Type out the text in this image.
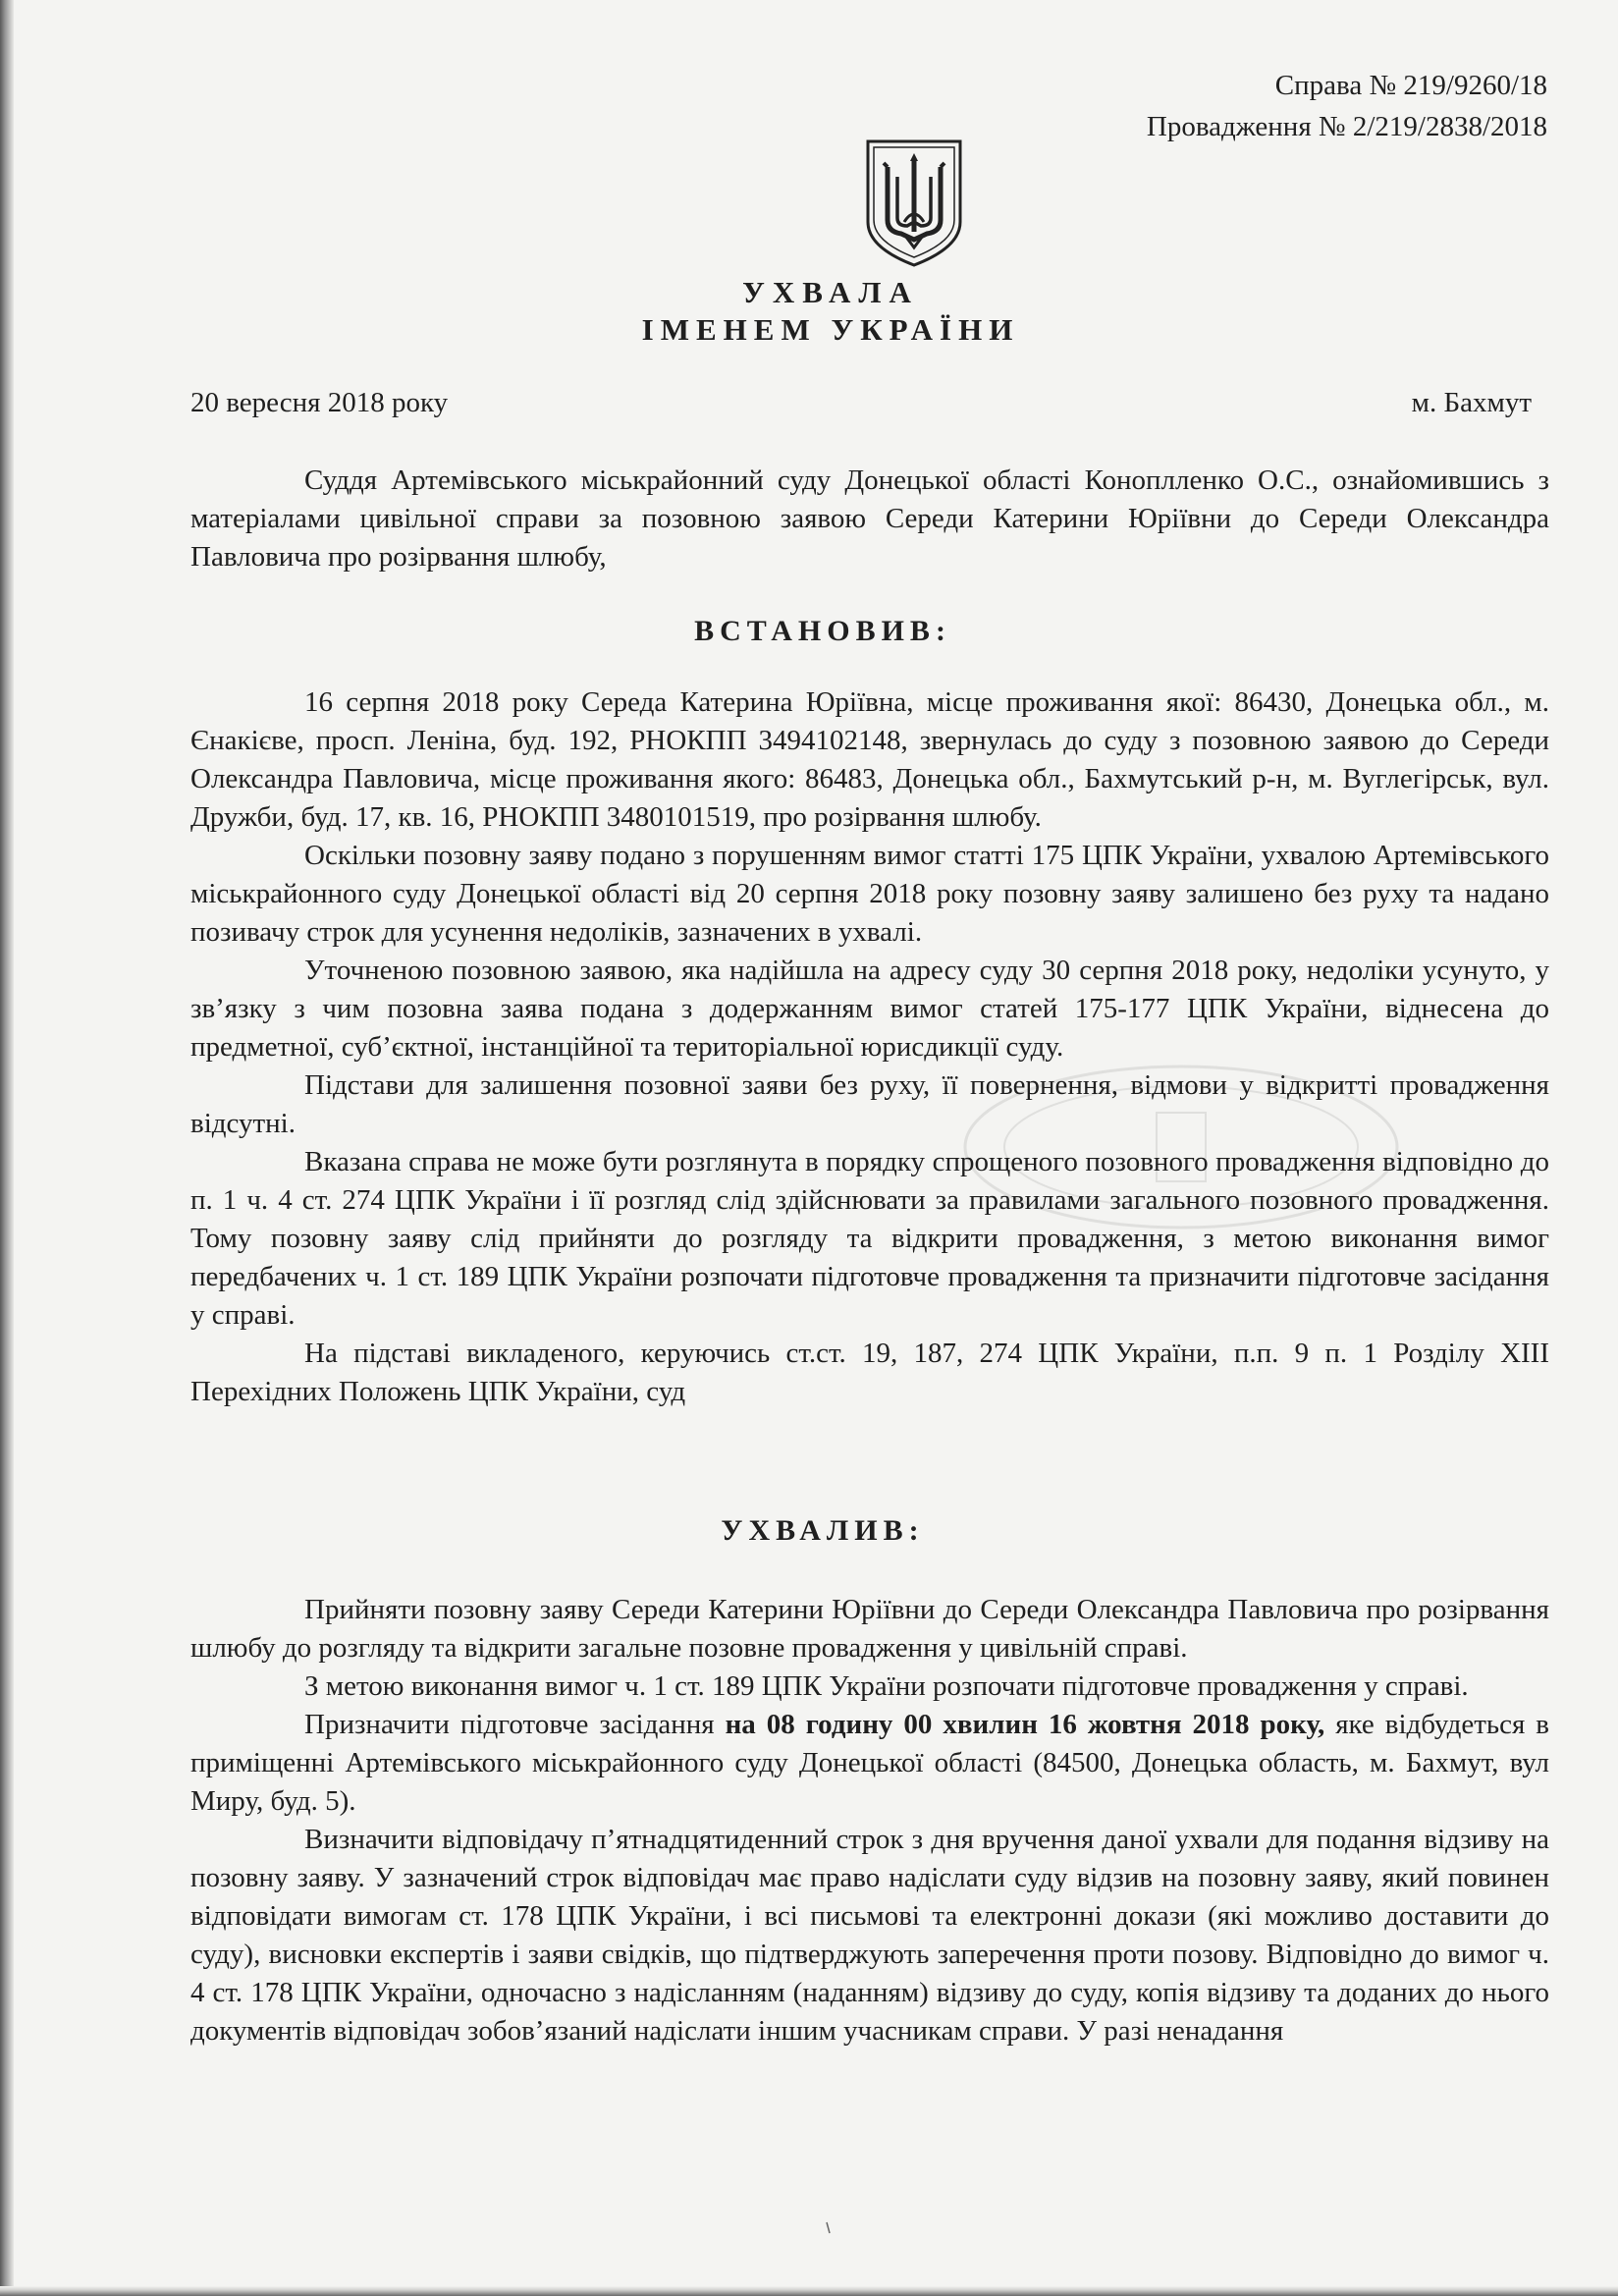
Справа № 219/9260/18
Провадження № 2/219/2838/2018
УХВАЛА
ІМЕНЕМ УКРАЇНИ
20 вересня 2018 року	м. Бахмут

Суддя Артемівського міськрайонний суду Донецької області Коноплленко О.С., ознайомившись з матеріалами цивільної справи за позовною заявою Середи Катерини Юріївни до Середи Олександра Павловича про розірвання шлюбу,

ВСТАНОВИВ:

16 серпня 2018 року Середа Катерина Юріївна, місце проживання якої: 86430, Донецька обл., м. Єнакієве, просп. Леніна, буд. 192, РНОКПП 3494102148, звернулась до суду з позовною заявою до Середи Олександра Павловича, місце проживання якого: 86483, Донецька обл., Бахмутський р-н, м. Вуглегірськ, вул. Дружби, буд. 17, кв. 16, РНОКПП 3480101519, про розірвання шлюбу.

Оскільки позовну заяву подано з порушенням вимог статті 175 ЦПК України, ухвалою Артемівського міськрайонного суду Донецької області від 20 серпня 2018 року позовну заяву залишено без руху та надано позивачу строк для усунення недоліків, зазначених в ухвалі.

Уточненою позовною заявою, яка надійшла на адресу суду 30 серпня 2018 року, недоліки усунуто, у зв’язку з чим позовна заява подана з додержанням вимог статей 175-177 ЦПК України, віднесена до предметної, суб’єктної, інстанційної та територіальної юрисдикції суду.

Підстави для залишення позовної заяви без руху, її повернення, відмови у відкритті провадження відсутні.

Вказана справа не може бути розглянута в порядку спрощеного позовного провадження відповідно до п. 1 ч. 4 ст. 274 ЦПК України і її розгляд слід здійснювати за правилами загального позовного провадження. Тому позовну заяву слід прийняти до розгляду та відкрити провадження, з метою виконання вимог передбачених ч. 1 ст. 189 ЦПК України розпочати підготовче провадження та призначити підготовче засідання у справі.

На підставі викладеного, керуючись ст.ст. 19, 187, 274 ЦПК України, п.п. 9 п. 1 Розділу XIII Перехідних Положень ЦПК України, суд

УХВАЛИВ:

Прийняти позовну заяву Середи Катерини Юріївни до Середи Олександра Павловича про розірвання шлюбу до розгляду та відкрити загальне позовне провадження у цивільній справі.

З метою виконання вимог ч. 1 ст. 189 ЦПК України розпочати підготовче провадження у справі.

Призначити підготовче засідання на 08 годину 00 хвилин 16 жовтня 2018 року, яке відбудеться в приміщенні Артемівського міськрайонного суду Донецької області (84500, Донецька область, м. Бахмут, вул Миру, буд. 5).

Визначити відповідачу п’ятнадцятиденний строк з дня вручення даної ухвали для подання відзиву на позовну заяву. У зазначений строк відповідач має право надіслати суду відзив на позовну заяву, який повинен відповідати вимогам ст. 178 ЦПК України, і всі письмові та електронні докази (які можливо доставити до суду), висновки експертів і заяви свідків, що підтверджують заперечення проти позову. Відповідно до вимог ч. 4 ст. 178 ЦПК України, одночасно з надісланням (наданням) відзиву до суду, копія відзиву та доданих до нього документів відповідач зобов’язаний надіслати іншим учасникам справи. У разі ненадання
